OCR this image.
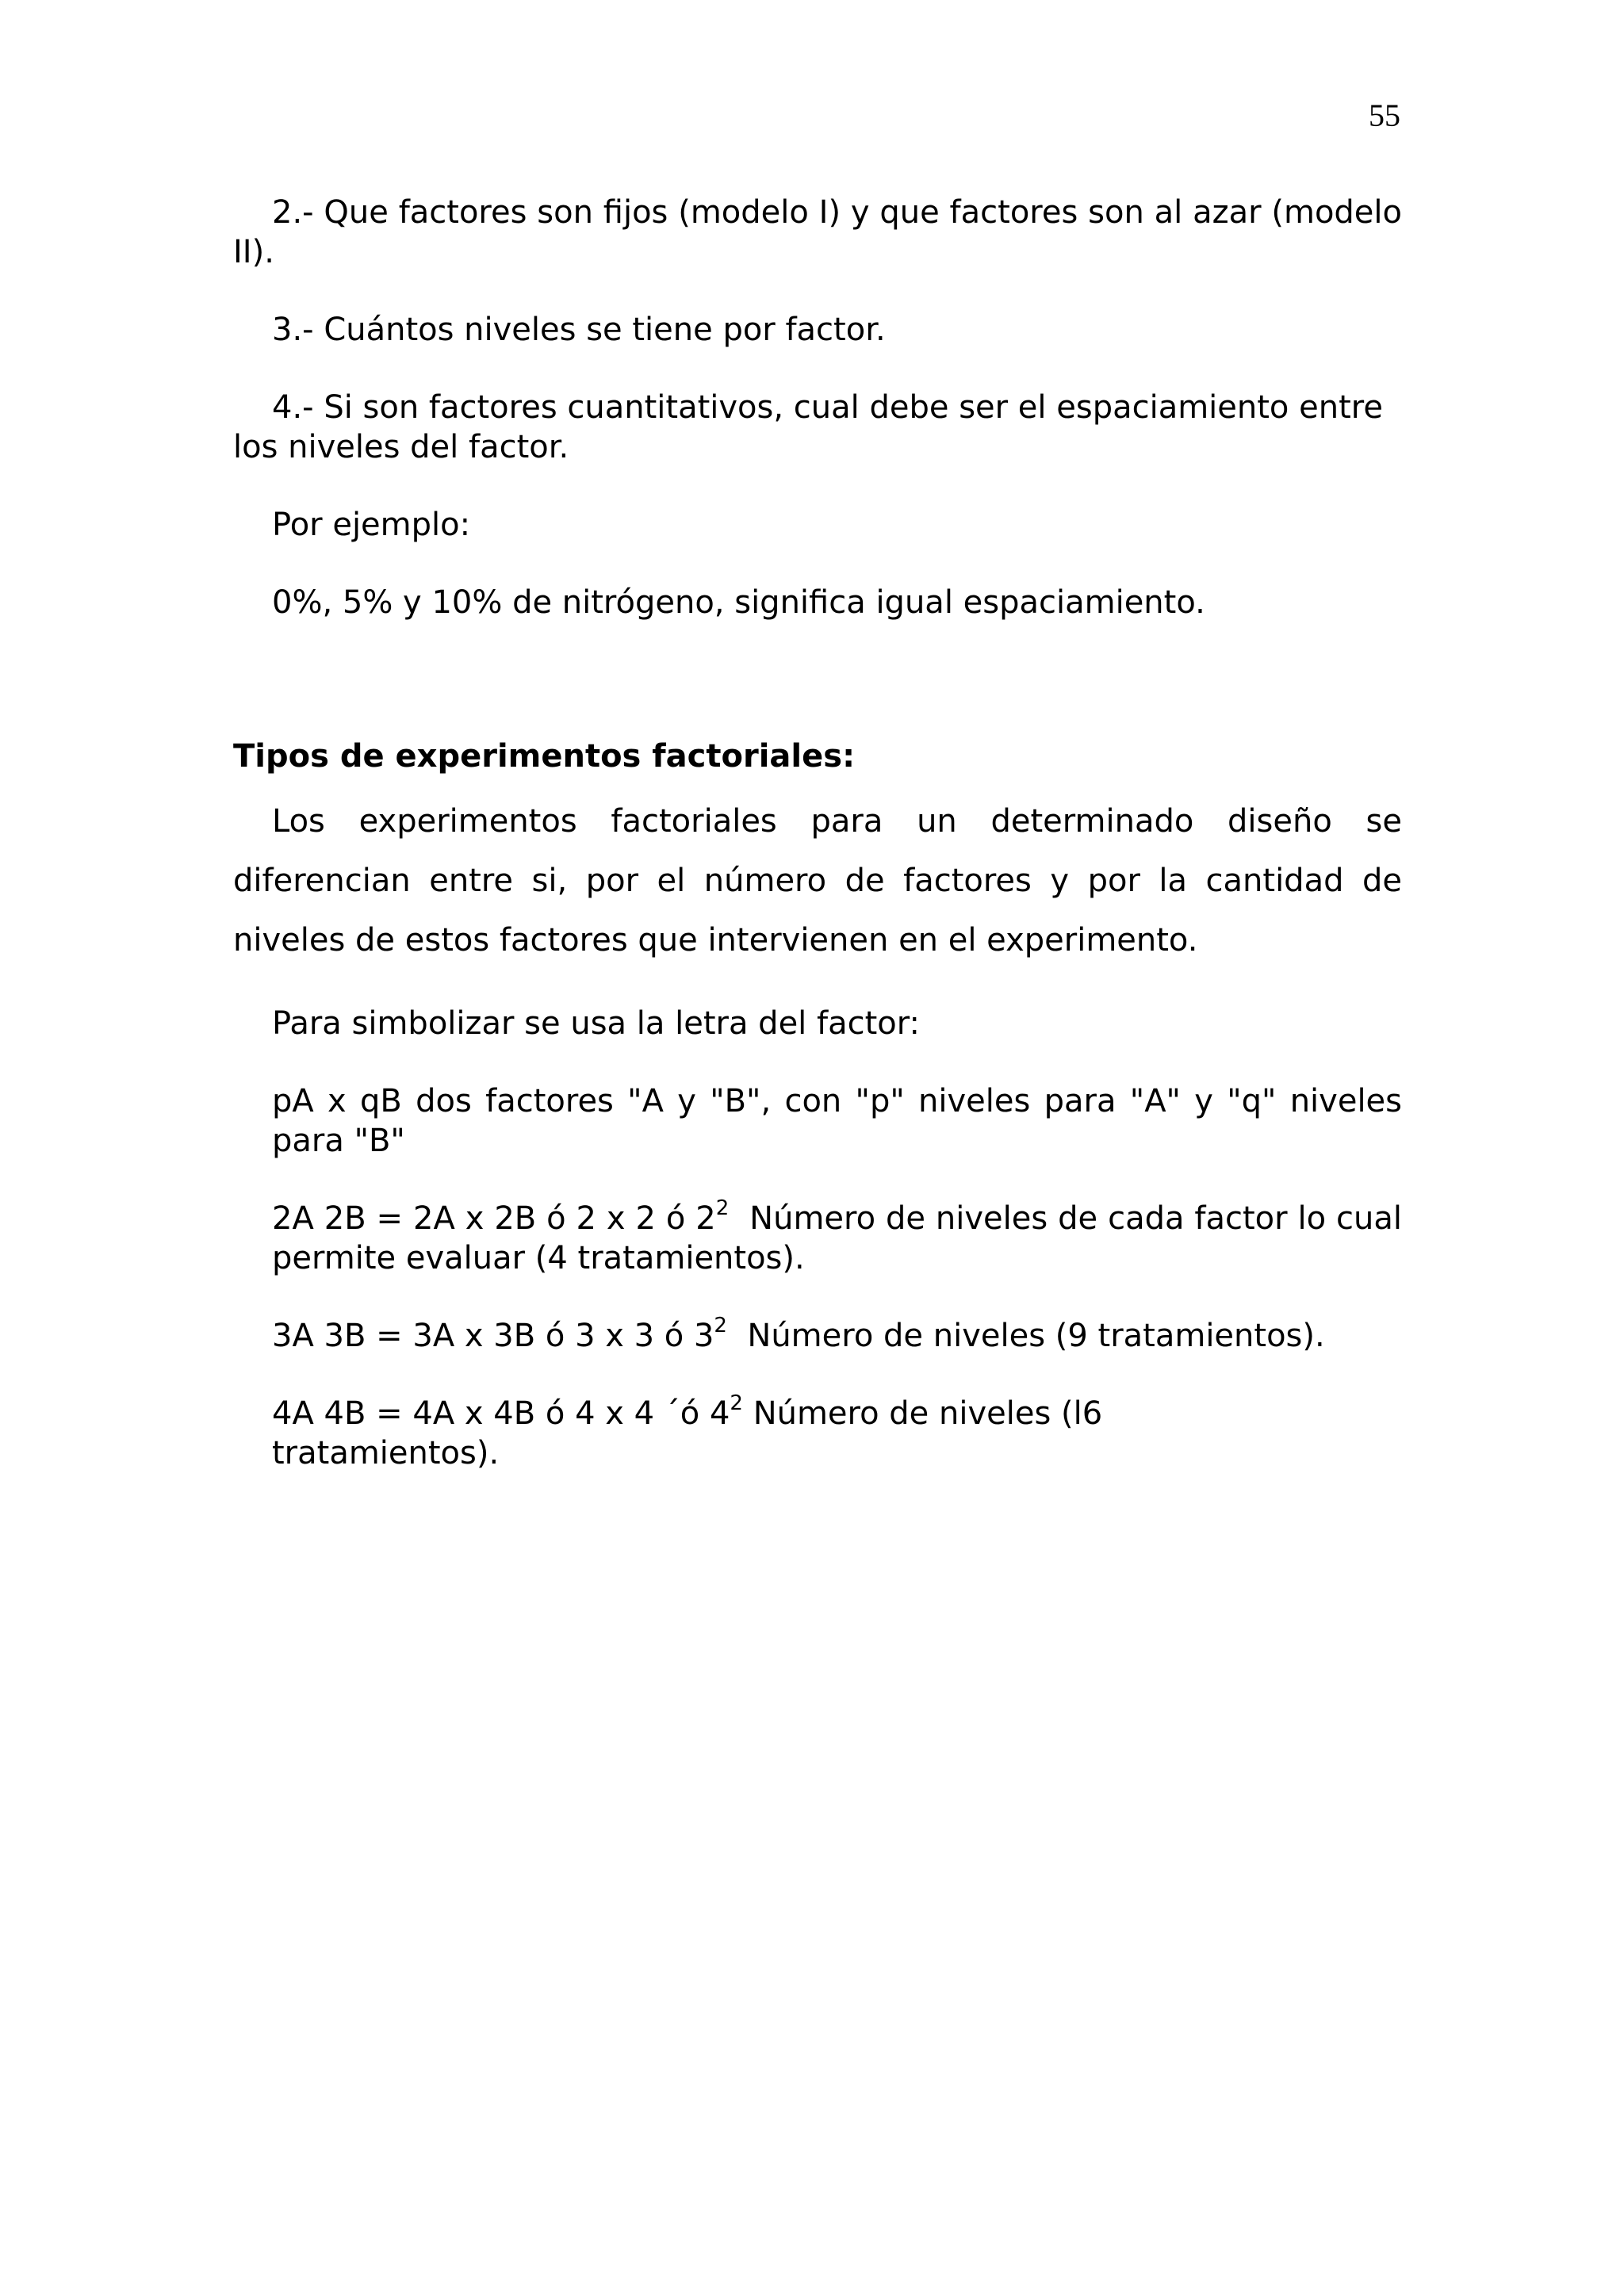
55

2.- Que factores son fijos (modelo I) y que factores son al azar (modelo II).

3.- Cuántos niveles se tiene por factor.

4.- Si son factores cuantitativos, cual debe ser el espaciamiento entre los niveles del factor.

Por ejemplo:

0%, 5% y 10% de nitrógeno, significa igual espaciamiento.

Tipos de experimentos factoriales:

Los experimentos factoriales para un determinado diseño se diferencian entre si, por el número de factores y por la cantidad de niveles de estos factores que intervienen en el experimento.

Para simbolizar se usa la letra del factor:

pA x qB dos factores "A y "B", con "p" niveles para "A" y "q" niveles para "B"

2A 2B = 2A x 2B ó 2 x 2 ó $2^2$ Número de niveles de cada factor lo cual permite evaluar (4 tratamientos).

3A 3B = 3A x 3B ó 3 x 3 ó $3^2$ Número de niveles (9 tratamientos).

4A 4B = 4A x 4B ó 4 x 4 ´ó $4^2$ Número de niveles (l6 tratamientos).
